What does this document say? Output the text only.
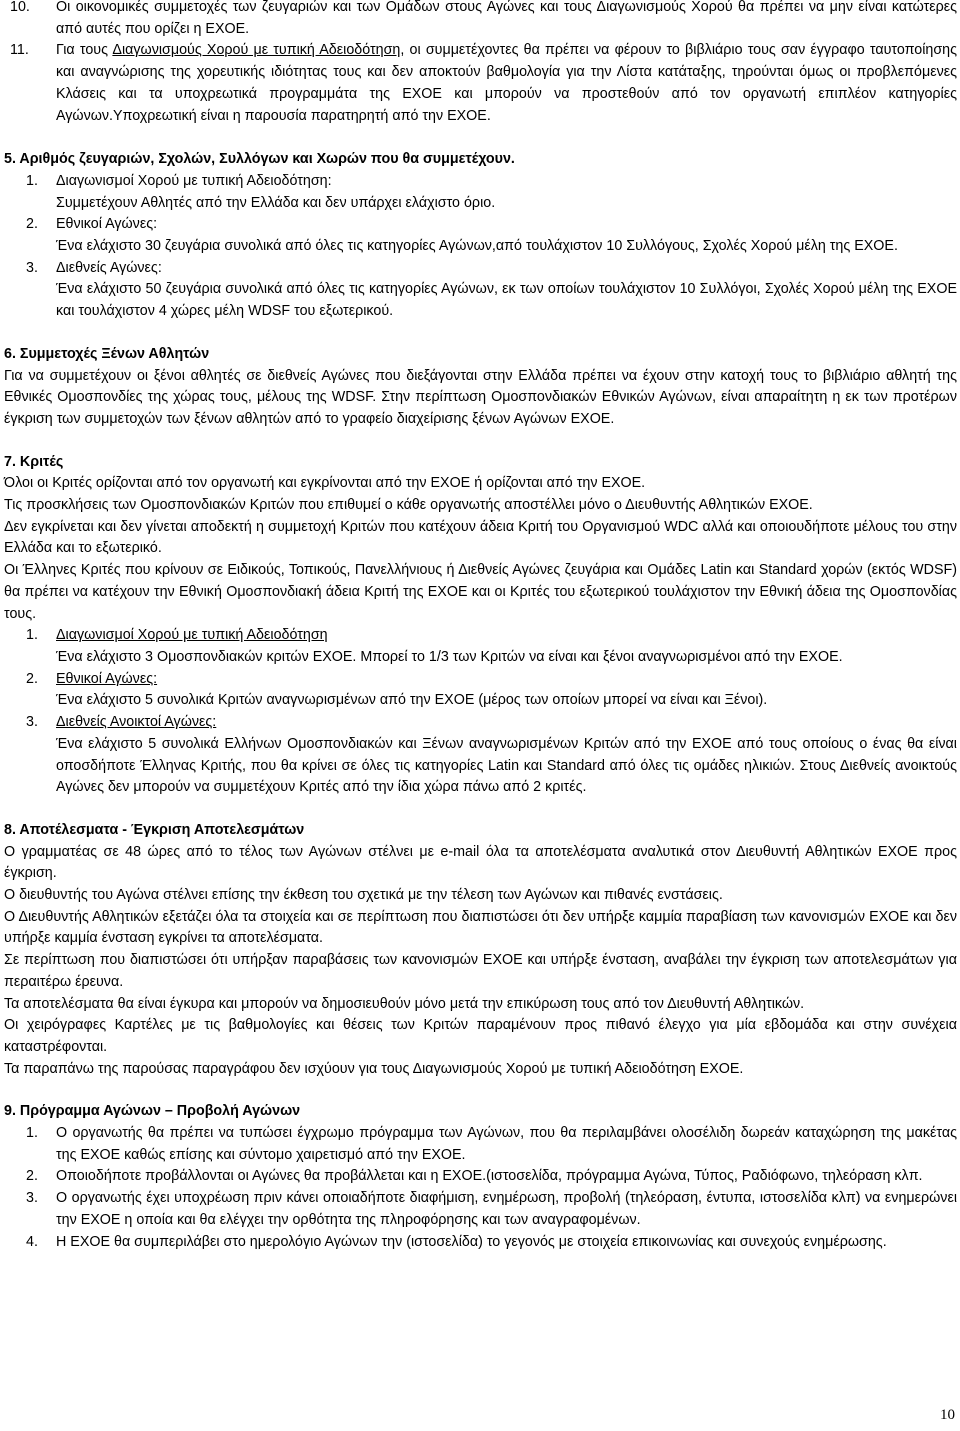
10. Οι οικονομικές συμμετοχές των ζευγαριών και των Ομάδων στους Αγώνες και τους Διαγωνισμούς Χορού θα πρέπει να μην είναι κατώτερες από αυτές που ορίζει η ΕΧΟΕ.
11. Για τους Διαγωνισμούς Χορού με τυπική Αδειοδότηση, οι συμμετέχοντες θα πρέπει να φέρουν το βιβλιάριο τους σαν έγγραφο ταυτοποίησης και αναγνώρισης της χορευτικής ιδιότητας τους και δεν αποκτούν βαθμολογία για την Λίστα κατάταξης, τηρούνται όμως οι προβλεπόμενες Κλάσεις και τα υποχρεωτικά προγραμμάτα της ΕΧΟΕ και μπορούν να προστεθούν από τον οργανωτή επιπλέον κατηγορίες Αγώνων.Υποχρεωτική είναι η παρουσία παρατηρητή από την ΕΧΟΕ.
5. Αριθμός ζευγαριών, Σχολών, Συλλόγων και Χωρών που θα συμμετέχουν.
1. Διαγωνισμοί Χορού με τυπική Αδειοδότηση:
Συμμετέχουν Αθλητές από την Ελλάδα και δεν υπάρχει ελάχιστο όριο.
2. Εθνικοί Αγώνες:
Ένα ελάχιστο 30 ζευγάρια συνολικά από όλες τις κατηγορίες Αγώνων,από τουλάχιστον 10 Συλλόγους, Σχολές Χορού μέλη της ΕΧΟΕ.
3. Διεθνείς Αγώνες:
Ένα ελάχιστο 50 ζευγάρια συνολικά από όλες τις κατηγορίες Αγώνων, εκ των οποίων τουλάχιστον 10 Συλλόγοι, Σχολές Χορού μέλη της ΕΧΟΕ και τουλάχιστον 4 χώρες μέλη WDSF του εξωτερικού.
6. Συμμετοχές Ξένων Αθλητών

Για να συμμετέχουν οι ξένοι αθλητές σε διεθνείς Αγώνες που διεξάγονται στην Ελλάδα πρέπει να έχουν στην κατοχή τους το βιβλιάριο αθλητή της Εθνικές Ομοσπονδίες της χώρας τους, μέλους της WDSF. Στην περίπτωση Ομοσπονδιακών Εθνικών Αγώνων, είναι απαραίτητη η εκ των προτέρων έγκριση των συμμετοχών των ξένων αθλητών από το γραφείο διαχείρισης ξένων Αγώνων ΕΧΟΕ.

7. Κριτές

Όλοι οι Κριτές ορίζονται από τον οργανωτή και εγκρίνονται από την ΕΧΟΕ ή ορίζονται από την ΕΧΟΕ.

Τις προσκλήσεις των Ομοσπονδιακών Κριτών που επιθυμεί ο κάθε οργανωτής αποστέλλει μόνο ο Διευθυντής Αθλητικών ΕΧΟΕ.

Δεν εγκρίνεται και δεν γίνεται αποδεκτή η συμμετοχή Κριτών που κατέχουν άδεια Κριτή του Οργανισμού WDC αλλά και οποιουδήποτε μέλους του στην Ελλάδα και το εξωτερικό.

Οι Έλληνες Κριτές που κρίνουν σε Ειδικούς, Τοπικούς, Πανελλήνιους ή Διεθνείς Αγώνες ζευγάρια και Ομάδες Latin και Standard χορών (εκτός WDSF) θα πρέπει να κατέχουν την Εθνική Ομοσπονδιακή άδεια Κριτή της ΕΧΟΕ και οι Κριτές του εξωτερικού τουλάχιστον την Εθνική άδεια της Ομοσπονδίας τους.

1. Διαγωνισμοί Χορού με τυπική Αδειοδότηση
Ένα ελάχιστο 3 Ομοσπονδιακών κριτών ΕΧΟΕ. Μπορεί το 1/3 των Κριτών να είναι και ξένοι αναγνωρισμένοι από την ΕΧΟΕ.
2. Εθνικοί Αγώνες:
Ένα ελάχιστο 5 συνολικά Κριτών αναγνωρισμένων από την ΕΧΟΕ (μέρος των οποίων μπορεί να είναι και Ξένοι).
3. Διεθνείς Ανοικτοί Αγώνες:
Ένα ελάχιστο 5 συνολικά Ελλήνων Ομοσπονδιακών και Ξένων αναγνωρισμένων Κριτών από την ΕΧΟΕ από τους οποίους ο ένας θα είναι οποσδήποτε Έλληνας Κριτής, που θα κρίνει σε όλες τις κατηγορίες Latin και Standard από όλες τις ομάδες ηλικιών. Στους Διεθνείς ανοικτούς Αγώνες δεν μπορούν να συμμετέχουν Κριτές από την ίδια χώρα πάνω από 2 κριτές.
8. Αποτέλεσματα - Έγκριση Αποτελεσμάτων

Ο γραμματέας σε 48 ώρες από το τέλος των Αγώνων στέλνει με e-mail όλα τα αποτελέσματα αναλυτικά στον Διευθυντή Αθλητικών ΕΧΟΕ προς έγκριση.

Ο διευθυντής του Αγώνα στέλνει επίσης την έκθεση του σχετικά με την τέλεση των Αγώνων και πιθανές ενστάσεις.

Ο Διευθυντής Αθλητικών εξετάζει όλα τα στοιχεία και σε περίπτωση που διαπιστώσει ότι δεν υπήρξε καμμία παραβίαση των κανονισμών ΕΧΟΕ και δεν υπήρξε καμμία ένσταση εγκρίνει τα αποτελέσματα.

Σε περίπτωση που διαπιστώσει ότι υπήρξαν παραβάσεις των κανονισμών ΕΧΟΕ και υπήρξε ένσταση, αναβάλει την έγκριση των αποτελεσμάτων για περαιτέρω έρευνα.

Τα αποτελέσματα θα είναι έγκυρα και μπορούν να δημοσιευθούν μόνο μετά την επικύρωση τους από τον Διευθυντή Αθλητικών.

Οι χειρόγραφες Καρτέλες με τις βαθμολογίες και θέσεις των Κριτών παραμένουν προς πιθανό έλεγχο για μία εβδομάδα και στην συνέχεια καταστρέφονται.

Τα παραπάνω της παρούσας παραγράφου δεν ισχύουν για τους Διαγωνισμούς Χορού με τυπική Αδειοδότηση ΕΧΟΕ.

9. Πρόγραμμα Αγώνων – Προβολή Αγώνων
1. Ο οργανωτής θα πρέπει να τυπώσει έγχρωμο πρόγραμμα των Αγώνων, που θα περιλαμβάνει ολοσέλιδη δωρεάν καταχώρηση της μακέτας της ΕΧΟΕ καθώς επίσης και σύντομο χαιρετισμό από την ΕΧΟΕ.
2. Οποιοδήποτε προβάλλονται οι Αγώνες θα προβάλλεται και η ΕΧΟΕ.(ιστοσελίδα, πρόγραμμα Αγώνα, Τύπος, Ραδιόφωνο, τηλεόραση κλπ.
3. Ο οργανωτής έχει υποχρέωση πριν κάνει οποιαδήποτε διαφήμιση, ενημέρωση, προβολή (τηλεόραση, έντυπα, ιστοσελίδα κλπ) να ενημερώνει την ΕΧΟΕ η οποία και θα ελέγχει την ορθότητα της πληροφόρησης και των αναγραφομένων.
4. Η ΕΧΟΕ θα συμπεριλάβει στο ημερολόγιο Αγώνων την (ιστοσελίδα) το γεγονός με στοιχεία επικοινωνίας και συνεχούς ενημέρωσης.
10
